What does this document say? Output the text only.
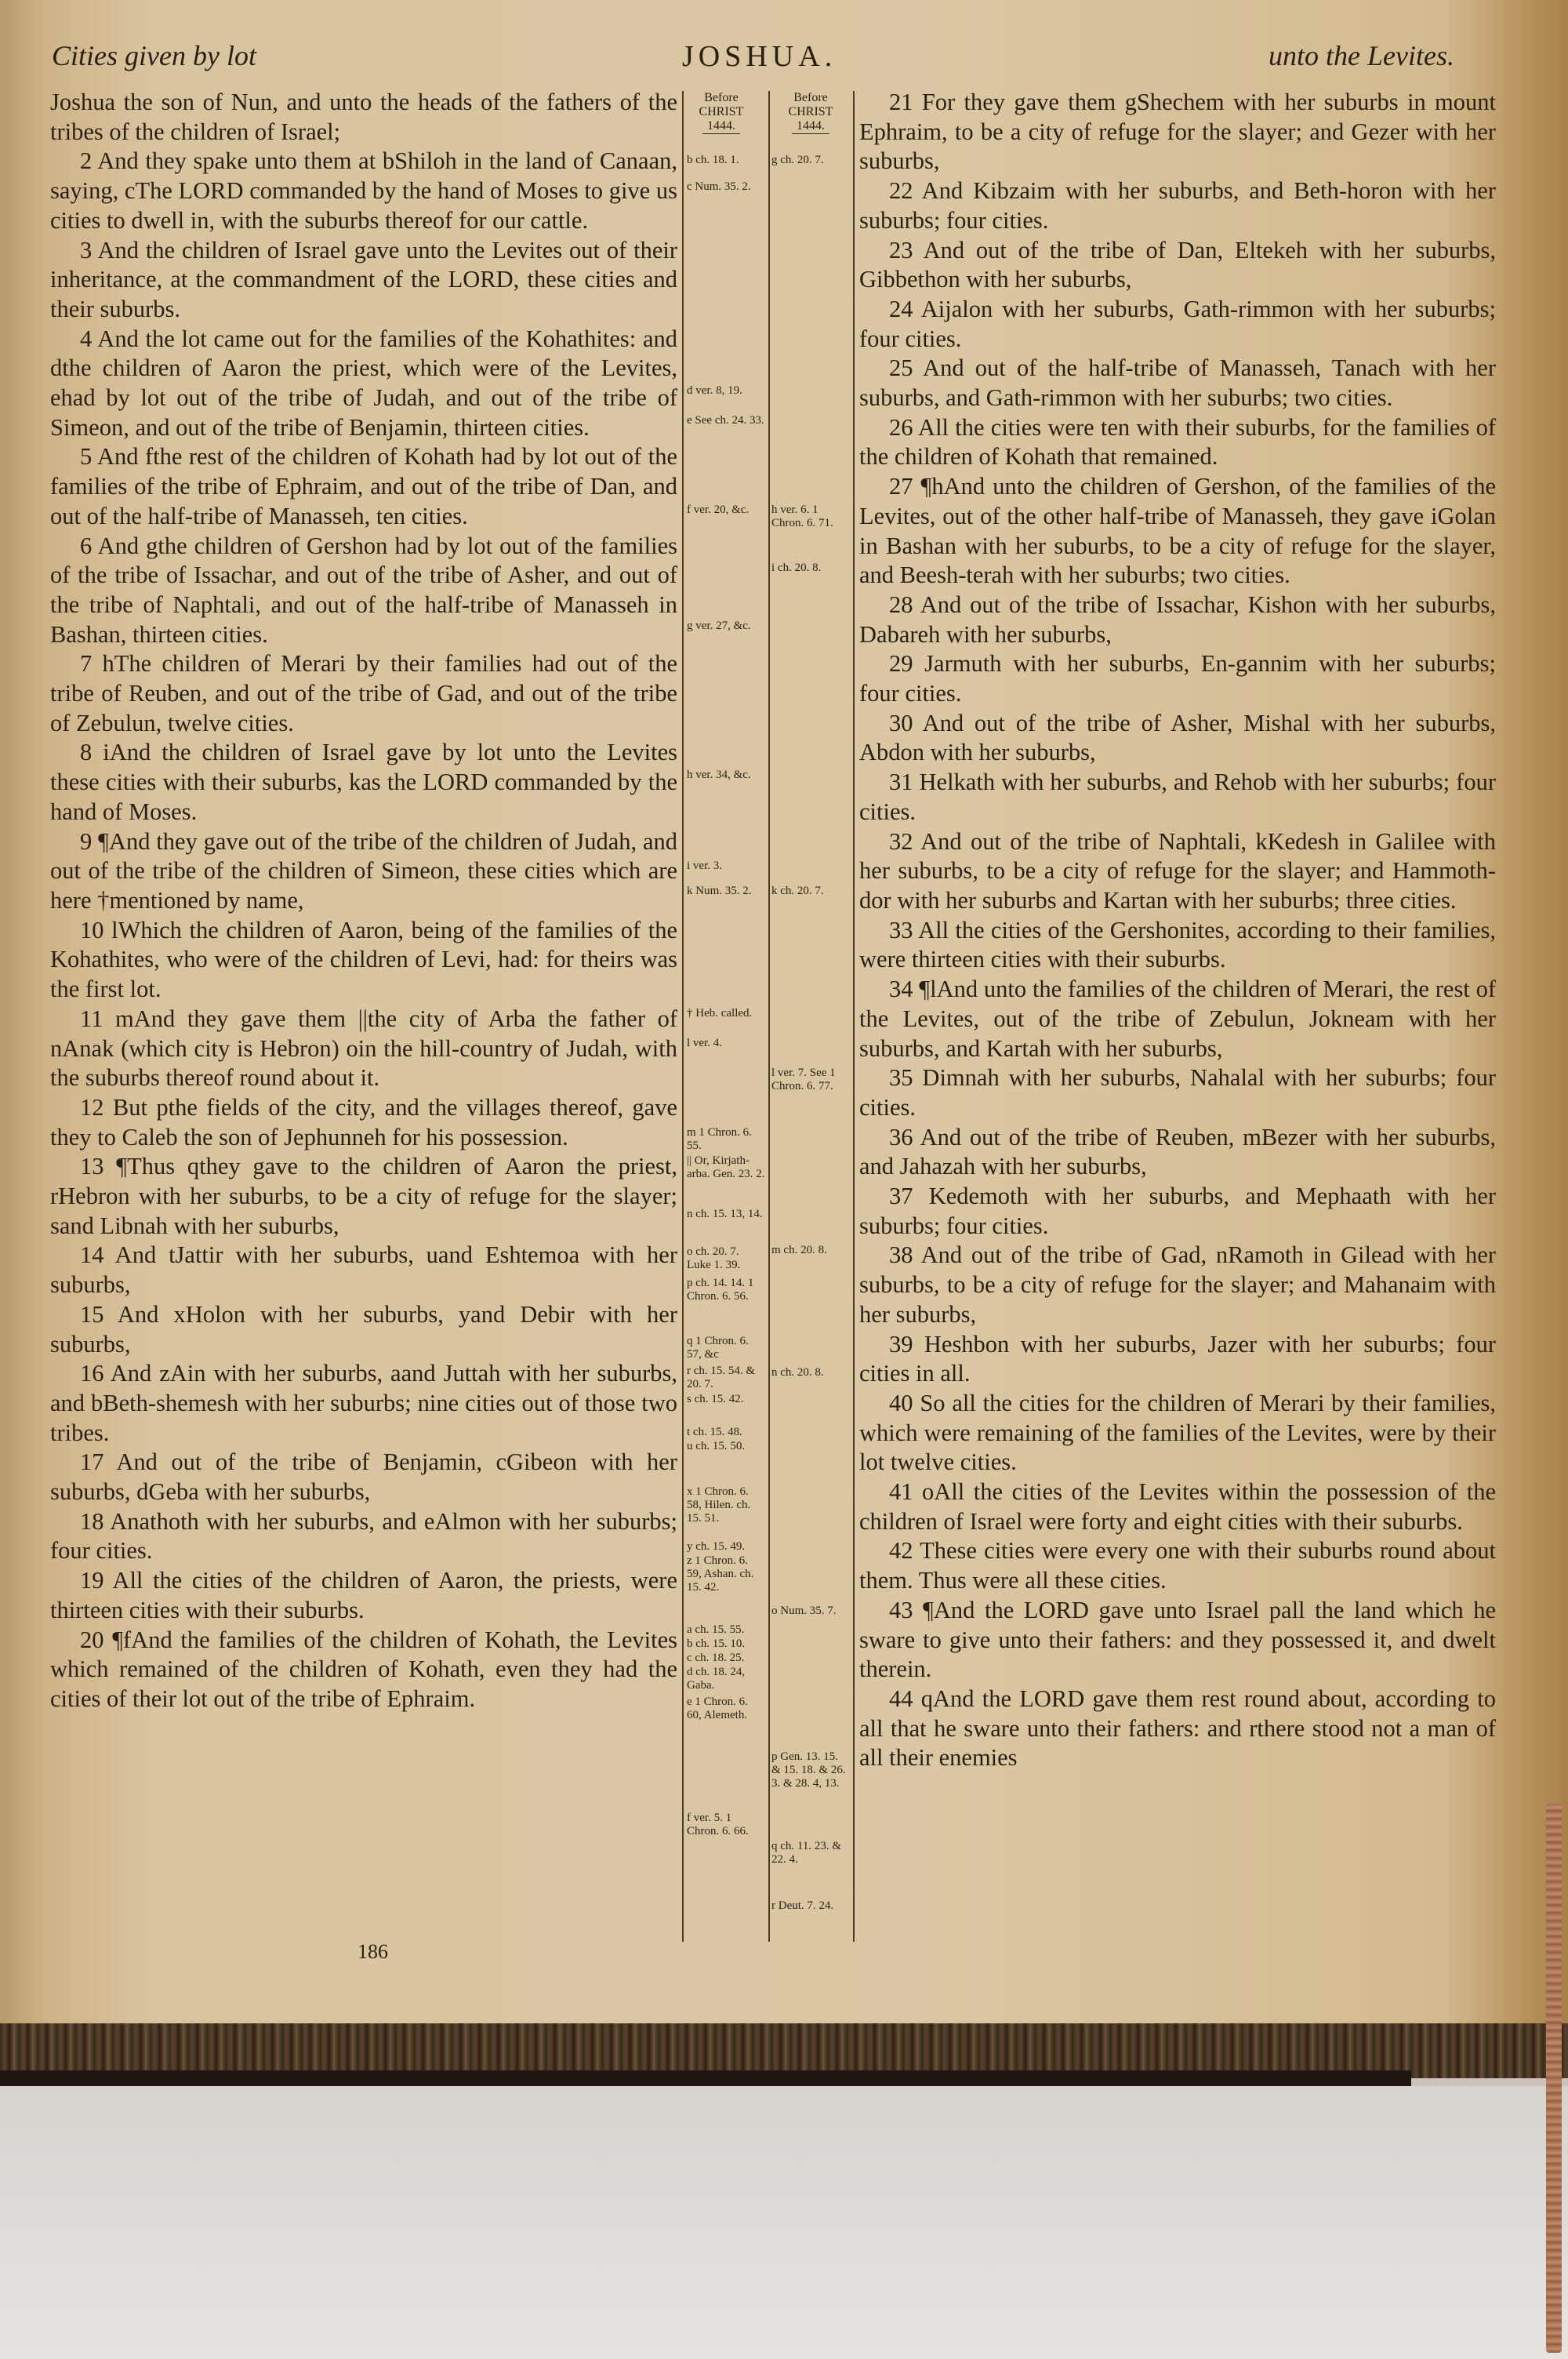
Cities given by lot	JOSHUA.	unto the Levites.

Joshua the son of Nun, and unto the heads of the fathers of the tribes of the children of Israel;

2 And they spake unto them at bShiloh in the land of Canaan, saying, cThe LORD commanded by the hand of Moses to give us cities to dwell in, with the suburbs thereof for our cattle.

3 And the children of Israel gave unto the Levites out of their inheritance, at the commandment of the LORD, these cities and their suburbs.

4 And the lot came out for the families of the Kohathites: and dthe children of Aaron the priest, which were of the Levites, ehad by lot out of the tribe of Judah, and out of the tribe of Simeon, and out of the tribe of Benjamin, thirteen cities.

5 And fthe rest of the children of Kohath had by lot out of the families of the tribe of Ephraim, and out of the tribe of Dan, and out of the half-tribe of Manasseh, ten cities.

6 And gthe children of Gershon had by lot out of the families of the tribe of Issachar, and out of the tribe of Asher, and out of the tribe of Naphtali, and out of the half-tribe of Manasseh in Bashan, thirteen cities.

7 hThe children of Merari by their families had out of the tribe of Reuben, and out of the tribe of Gad, and out of the tribe of Zebulun, twelve cities.

8 iAnd the children of Israel gave by lot unto the Levites these cities with their suburbs, kas the LORD commanded by the hand of Moses.

9 ¶And they gave out of the tribe of the children of Judah, and out of the tribe of the children of Simeon, these cities which are here †mentioned by name,

10 lWhich the children of Aaron, being of the families of the Kohathites, who were of the children of Levi, had: for theirs was the first lot.

11 mAnd they gave them ||the city of Arba the father of nAnak (which city is Hebron) oin the hill-country of Judah, with the suburbs thereof round about it.

12 But pthe fields of the city, and the villages thereof, gave they to Caleb the son of Jephunneh for his possession.

13 ¶Thus qthey gave to the children of Aaron the priest, rHebron with her suburbs, to be a city of refuge for the slayer; sand Libnah with her suburbs,

14 And tJattir with her suburbs, uand Eshtemoa with her suburbs,

15 And xHolon with her suburbs, yand Debir with her suburbs,

16 And zAin with her suburbs, aand Juttah with her suburbs, and bBeth-shemesh with her suburbs; nine cities out of those two tribes.

17 And out of the tribe of Benjamin, cGibeon with her suburbs, dGeba with her suburbs,

18 Anathoth with her suburbs, and eAlmon with her suburbs; four cities.

19 All the cities of the children of Aaron, the priests, were thirteen cities with their suburbs.

20 ¶fAnd the families of the children of Kohath, the Levites which remained of the children of Kohath, even they had the cities of their lot out of the tribe of Ephraim.

Before CHRIST
1444.
Before CHRIST
1444.
b ch. 18. 1.
c Num. 35. 2.
d ver. 8, 19.
e See ch. 24. 33.
f ver. 20, &c.
g ver. 27, &c.
h ver. 34, &c.
i ver. 3.
k Num. 35. 2.
† Heb. called.
l ver. 4.
m 1 Chron. 6. 55.
|| Or, Kirjath-arba. Gen. 23. 2.
n ch. 15. 13, 14.
o ch. 20. 7. Luke 1. 39.
p ch. 14. 14. 1 Chron. 6. 56.
q 1 Chron. 6. 57, &c
r ch. 15. 54. & 20. 7.
s ch. 15. 42.
t ch. 15. 48.
u ch. 15. 50.
x 1 Chron. 6. 58, Hilen. ch. 15. 51.
y ch. 15. 49.
z 1 Chron. 6. 59, Ashan. ch. 15. 42.
a ch. 15. 55.
b ch. 15. 10.
c ch. 18. 25.
d ch. 18. 24, Gaba.
e 1 Chron. 6. 60, Alemeth.
f ver. 5. 1 Chron. 6. 66.
g ch. 20. 7.
h ver. 6. 1 Chron. 6. 71.
i ch. 20. 8.
k ch. 20. 7.
l ver. 7. See 1 Chron. 6. 77.
m ch. 20. 8.
n ch. 20. 8.
o Num. 35. 7.
p Gen. 13. 15. & 15. 18. & 26. 3. & 28. 4, 13.
q ch. 11. 23. & 22. 4.
r Deut. 7. 24.

21 For they gave them gShechem with her suburbs in mount Ephraim, to be a city of refuge for the slayer; and Gezer with her suburbs,

22 And Kibzaim with her suburbs, and Beth-horon with her suburbs; four cities.

23 And out of the tribe of Dan, Eltekeh with her suburbs, Gibbethon with her suburbs,

24 Aijalon with her suburbs, Gath-rimmon with her suburbs; four cities.

25 And out of the half-tribe of Manasseh, Tanach with her suburbs, and Gath-rimmon with her suburbs; two cities.

26 All the cities were ten with their suburbs, for the families of the children of Kohath that remained.

27 ¶hAnd unto the children of Gershon, of the families of the Levites, out of the other half-tribe of Manasseh, they gave iGolan in Bashan with her suburbs, to be a city of refuge for the slayer, and Beesh-terah with her suburbs; two cities.

28 And out of the tribe of Issachar, Kishon with her suburbs, Dabareh with her suburbs,

29 Jarmuth with her suburbs, En-gannim with her suburbs; four cities.

30 And out of the tribe of Asher, Mishal with her suburbs, Abdon with her suburbs,

31 Helkath with her suburbs, and Rehob with her suburbs; four cities.

32 And out of the tribe of Naphtali, kKedesh in Galilee with her suburbs, to be a city of refuge for the slayer; and Hammoth-dor with her suburbs and Kartan with her suburbs; three cities.

33 All the cities of the Gershonites, according to their families, were thirteen cities with their suburbs.

34 ¶lAnd unto the families of the children of Merari, the rest of the Levites, out of the tribe of Zebulun, Jokneam with her suburbs, and Kartah with her suburbs,

35 Dimnah with her suburbs, Nahalal with her suburbs; four cities.

36 And out of the tribe of Reuben, mBezer with her suburbs, and Jahazah with her suburbs,

37 Kedemoth with her suburbs, and Mephaath with her suburbs; four cities.

38 And out of the tribe of Gad, nRamoth in Gilead with her suburbs, to be a city of refuge for the slayer; and Mahanaim with her suburbs,

39 Heshbon with her suburbs, Jazer with her suburbs; four cities in all.

40 So all the cities for the children of Merari by their families, which were remaining of the families of the Levites, were by their lot twelve cities.

41 oAll the cities of the Levites within the possession of the children of Israel were forty and eight cities with their suburbs.

42 These cities were every one with their suburbs round about them. Thus were all these cities.

43 ¶And the LORD gave unto Israel pall the land which he sware to give unto their fathers: and they possessed it, and dwelt therein.

44 qAnd the LORD gave them rest round about, according to all that he sware unto their fathers: and rthere stood not a man of all their enemies

186
